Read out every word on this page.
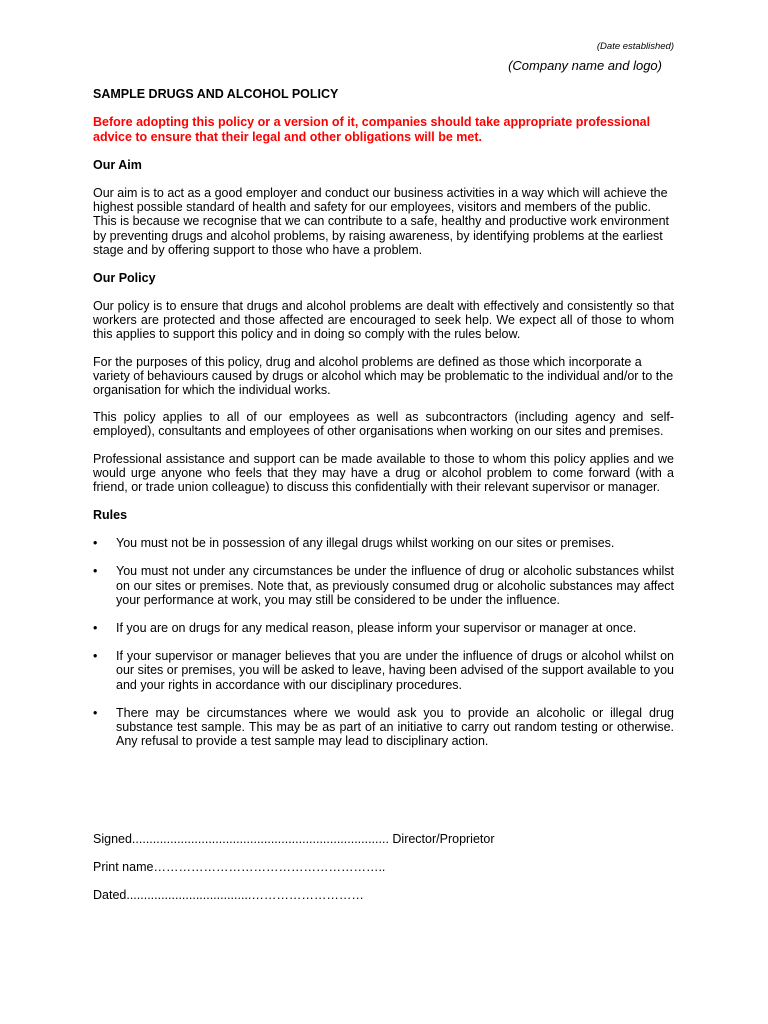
(Date established)
(Company name and logo)

SAMPLE DRUGS AND ALCOHOL POLICY

Before adopting this policy or a version of it, companies should take appropriate professional advice to ensure that their legal and other obligations will be met.

Our Aim

Our aim is to act as a good employer and conduct our business activities in a way which will achieve the highest possible standard of health and safety for our employees, visitors and members of the public. This is because we recognise that we can contribute to a safe, healthy and productive work environment by preventing drugs and alcohol problems, by raising awareness, by identifying problems at the earliest stage and by offering support to those who have a problem.

Our Policy

Our policy is to ensure that drugs and alcohol problems are dealt with effectively and consistently so that workers are protected and those affected are encouraged to seek help. We expect all of those to whom this applies to support this policy and in doing so comply with the rules below.

For the purposes of this policy, drug and alcohol problems are defined as those which incorporate a variety of behaviours caused by drugs or alcohol which may be problematic to the individual and/or to the organisation for which the individual works.

This policy applies to all of our employees as well as subcontractors (including agency and self-employed), consultants and employees of other organisations when working on our sites and premises.

Professional assistance and support can be made available to those to whom this policy applies and we would urge anyone who feels that they may have a drug or alcohol problem to come forward (with a friend, or trade union colleague) to discuss this confidentially with their relevant supervisor or manager.

Rules

•	You must not be in possession of any illegal drugs whilst working on our sites or premises.
•	You must not under any circumstances be under the influence of drug or alcoholic substances whilst on our sites or premises. Note that, as previously consumed drug or alcoholic substances may affect your performance at work, you may still be considered to be under the influence.
•	If you are on drugs for any medical reason, please inform your supervisor or manager at once.
•	If your supervisor or manager believes that you are under the influence of drugs or alcohol whilst on our sites or premises, you will be asked to leave, having been advised of the support available to you and your rights in accordance with our disciplinary procedures.
•	There may be circumstances where we would ask you to provide an alcoholic or illegal drug substance test sample. This may be as part of an initiative to carry out random testing or otherwise. Any refusal to provide a test sample may lead to disciplinary action.
Signed.......................................................................... Director/Proprietor
Print name………………………………………………..
Dated....................................………………………
